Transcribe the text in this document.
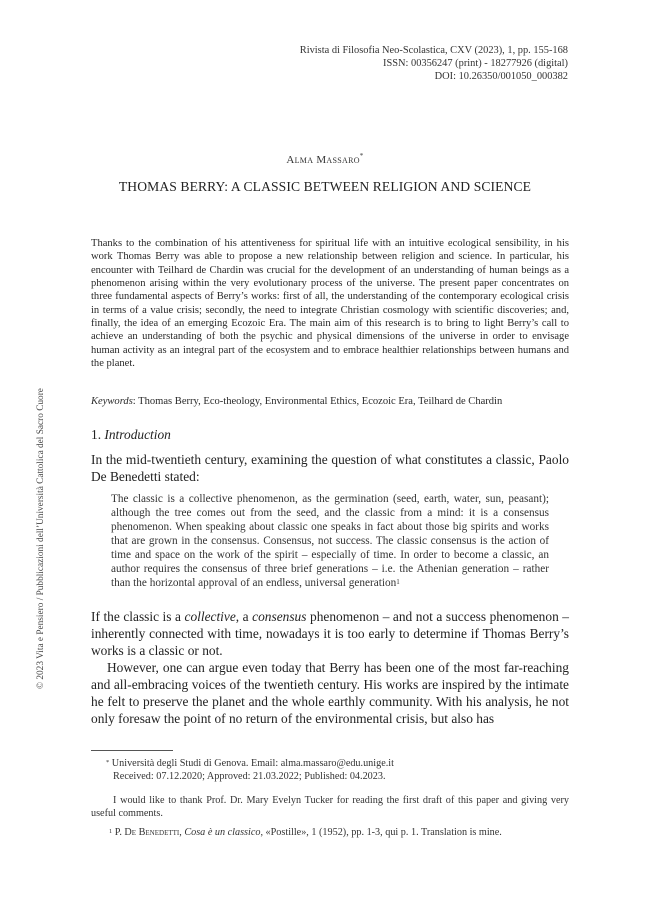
Rivista di Filosofia Neo-Scolastica, CXV (2023), 1, pp. 155-168
ISSN: 00356247 (print) - 18277926 (digital)
DOI: 10.26350/001050_000382
Alma Massaro*
THOMAS BERRY: A CLASSIC BETWEEN RELIGION AND SCIENCE
Thanks to the combination of his attentiveness for spiritual life with an intuitive ecological sensibility, in his work Thomas Berry was able to propose a new relationship between religion and science. In particular, his encounter with Teilhard de Chardin was crucial for the development of an understanding of human beings as a phenomenon arising within the very evolutionary process of the universe. The present paper concentrates on three fundamental aspects of Berry’s works: first of all, the understanding of the contemporary ecological crisis in terms of a value crisis; secondly, the need to integrate Christian cosmology with scientific discoveries; and, finally, the idea of an emerging Ecozoic Era. The main aim of this research is to bring to light Berry’s call to achieve an understanding of both the psychic and physical dimensions of the universe in order to envisage human activity as an integral part of the ecosystem and to embrace healthier relationships between humans and the planet.
Keywords: Thomas Berry, Eco-theology, Environmental Ethics, Ecozoic Era, Teilhard de Chardin
1. Introduction
In the mid-twentieth century, examining the question of what constitutes a classic, Paolo De Benedetti stated:
The classic is a collective phenomenon, as the germination (seed, earth, water, sun, peasant); although the tree comes out from the seed, and the classic from a mind: it is a consensus phenomenon. When speaking about classic one speaks in fact about those big spirits and works that are grown in the consensus. Consensus, not success. The classic consensus is the action of time and space on the work of the spirit – especially of time. In order to become a classic, an author requires the consensus of three brief generations – i.e. the Athenian generation – rather than the horizontal approval of an endless, universal generation$^1$
If the classic is a collective, a consensus phenomenon – and not a success phenomenon – inherently connected with time, nowadays it is too early to determine if Thomas Berry’s works is a classic or not.
However, one can argue even today that Berry has been one of the most far-reaching and all-embracing voices of the twentieth century. His works are inspired by the intimate he felt to preserve the planet and the whole earthly community. With his analysis, he not only foresaw the point of no return of the environmental crisis, but also has
* Università degli Studi di Genova. Email: alma.massaro@edu.unige.it
Received: 07.12.2020; Approved: 21.03.2022; Published: 04.2023.
I would like to thank Prof. Dr. Mary Evelyn Tucker for reading the first draft of this paper and giving very useful comments.
$^1$ P. De Benedetti, Cosa è un classico, «Postille», 1 (1952), pp. 1-3, qui p. 1. Translation is mine.
© 2023 Vita e Pensiero / Pubblicazioni dell’Università Cattolica del Sacro Cuore
